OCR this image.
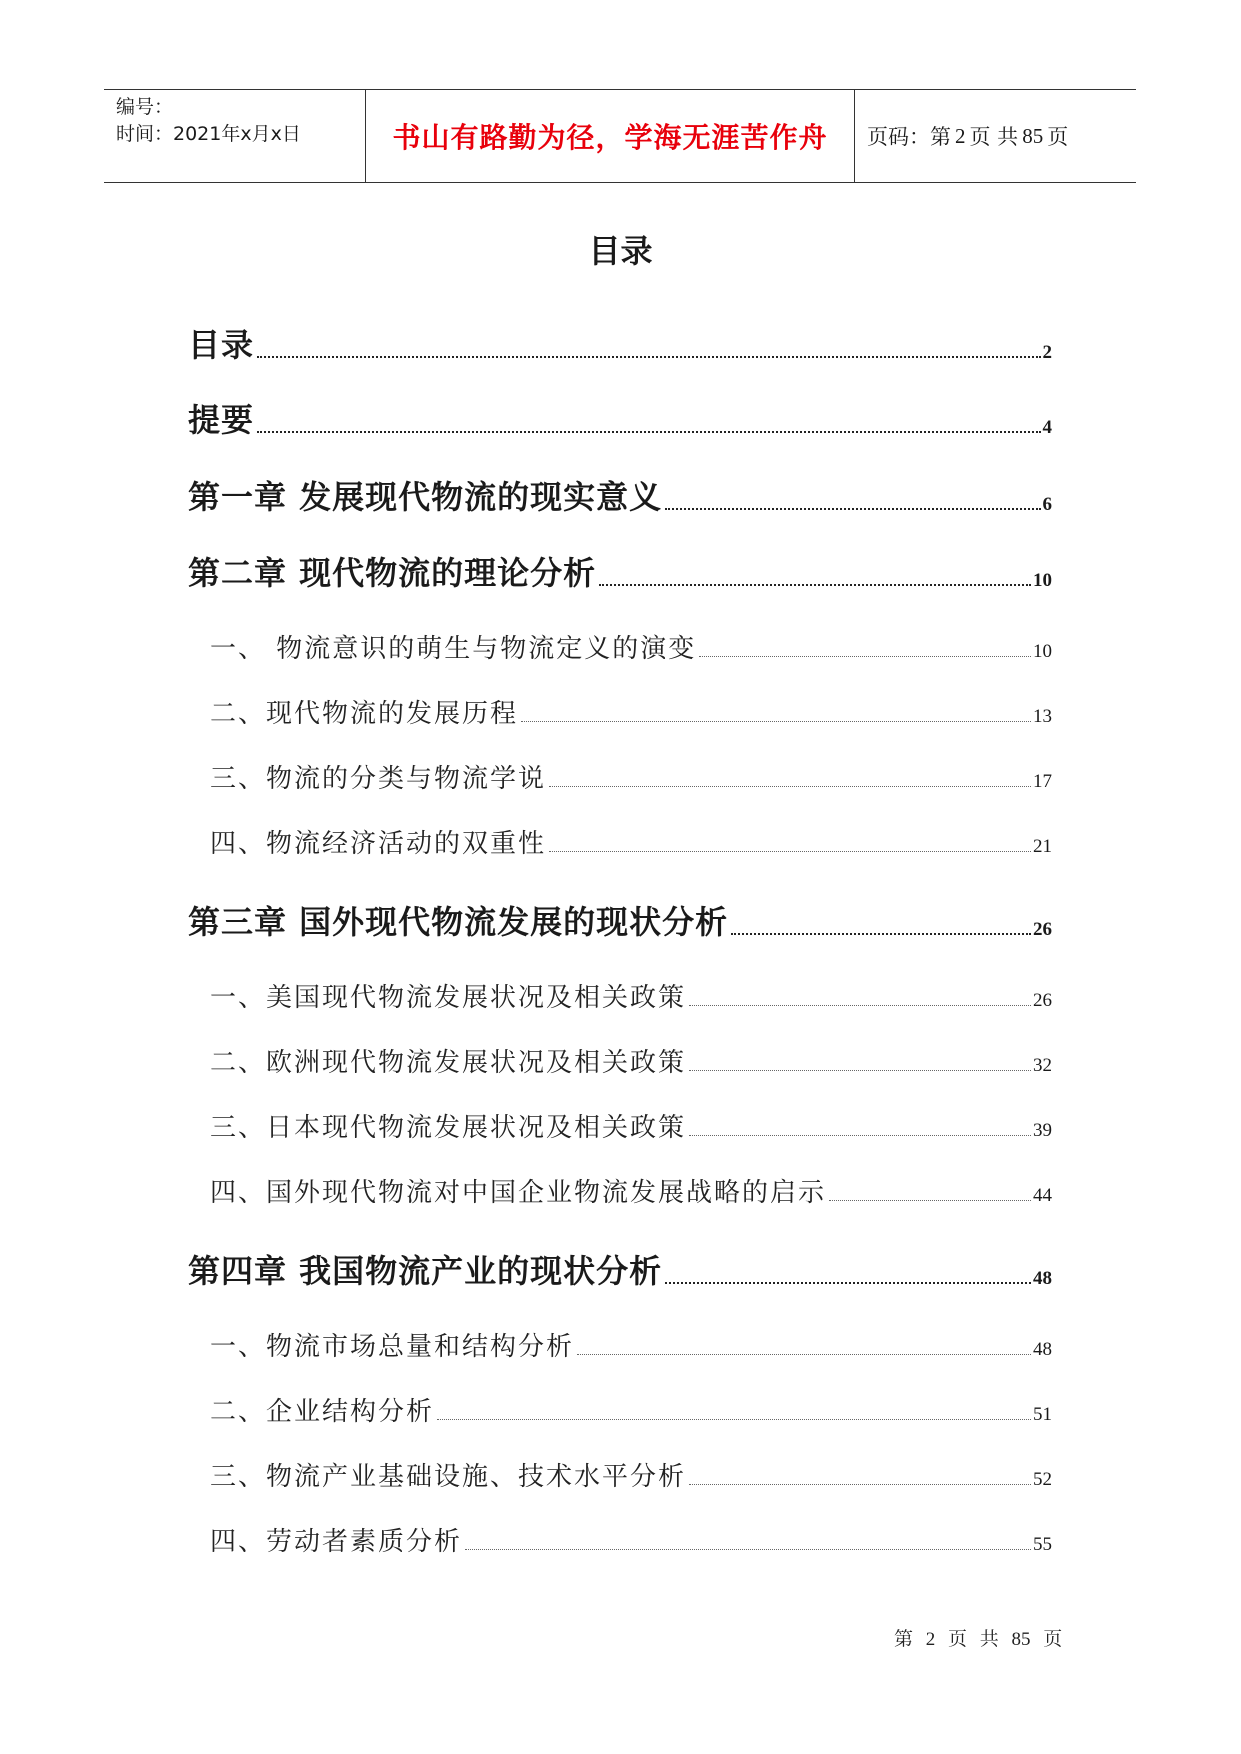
编号：
时间：2021年x月x日	书山有路勤为径，学海无涯苦作舟	页码：第 2 页 共 85 页
目录
目录	2
提要	4
第一章 发展现代物流的现实意义	6
第二章 现代物流的理论分析	10
一、 物流意识的萌生与物流定义的演变	10
二、现代物流的发展历程	13
三、物流的分类与物流学说	17
四、物流经济活动的双重性	21
第三章 国外现代物流发展的现状分析	26
一、美国现代物流发展状况及相关政策	26
二、欧洲现代物流发展状况及相关政策	32
三、日本现代物流发展状况及相关政策	39
四、国外现代物流对中国企业物流发展战略的启示	44
第四章 我国物流产业的现状分析	48
一、物流市场总量和结构分析	48
二、企业结构分析	51
三、物流产业基础设施、技术水平分析	52
四、劳动者素质分析	55
第 2 页 共 85 页
